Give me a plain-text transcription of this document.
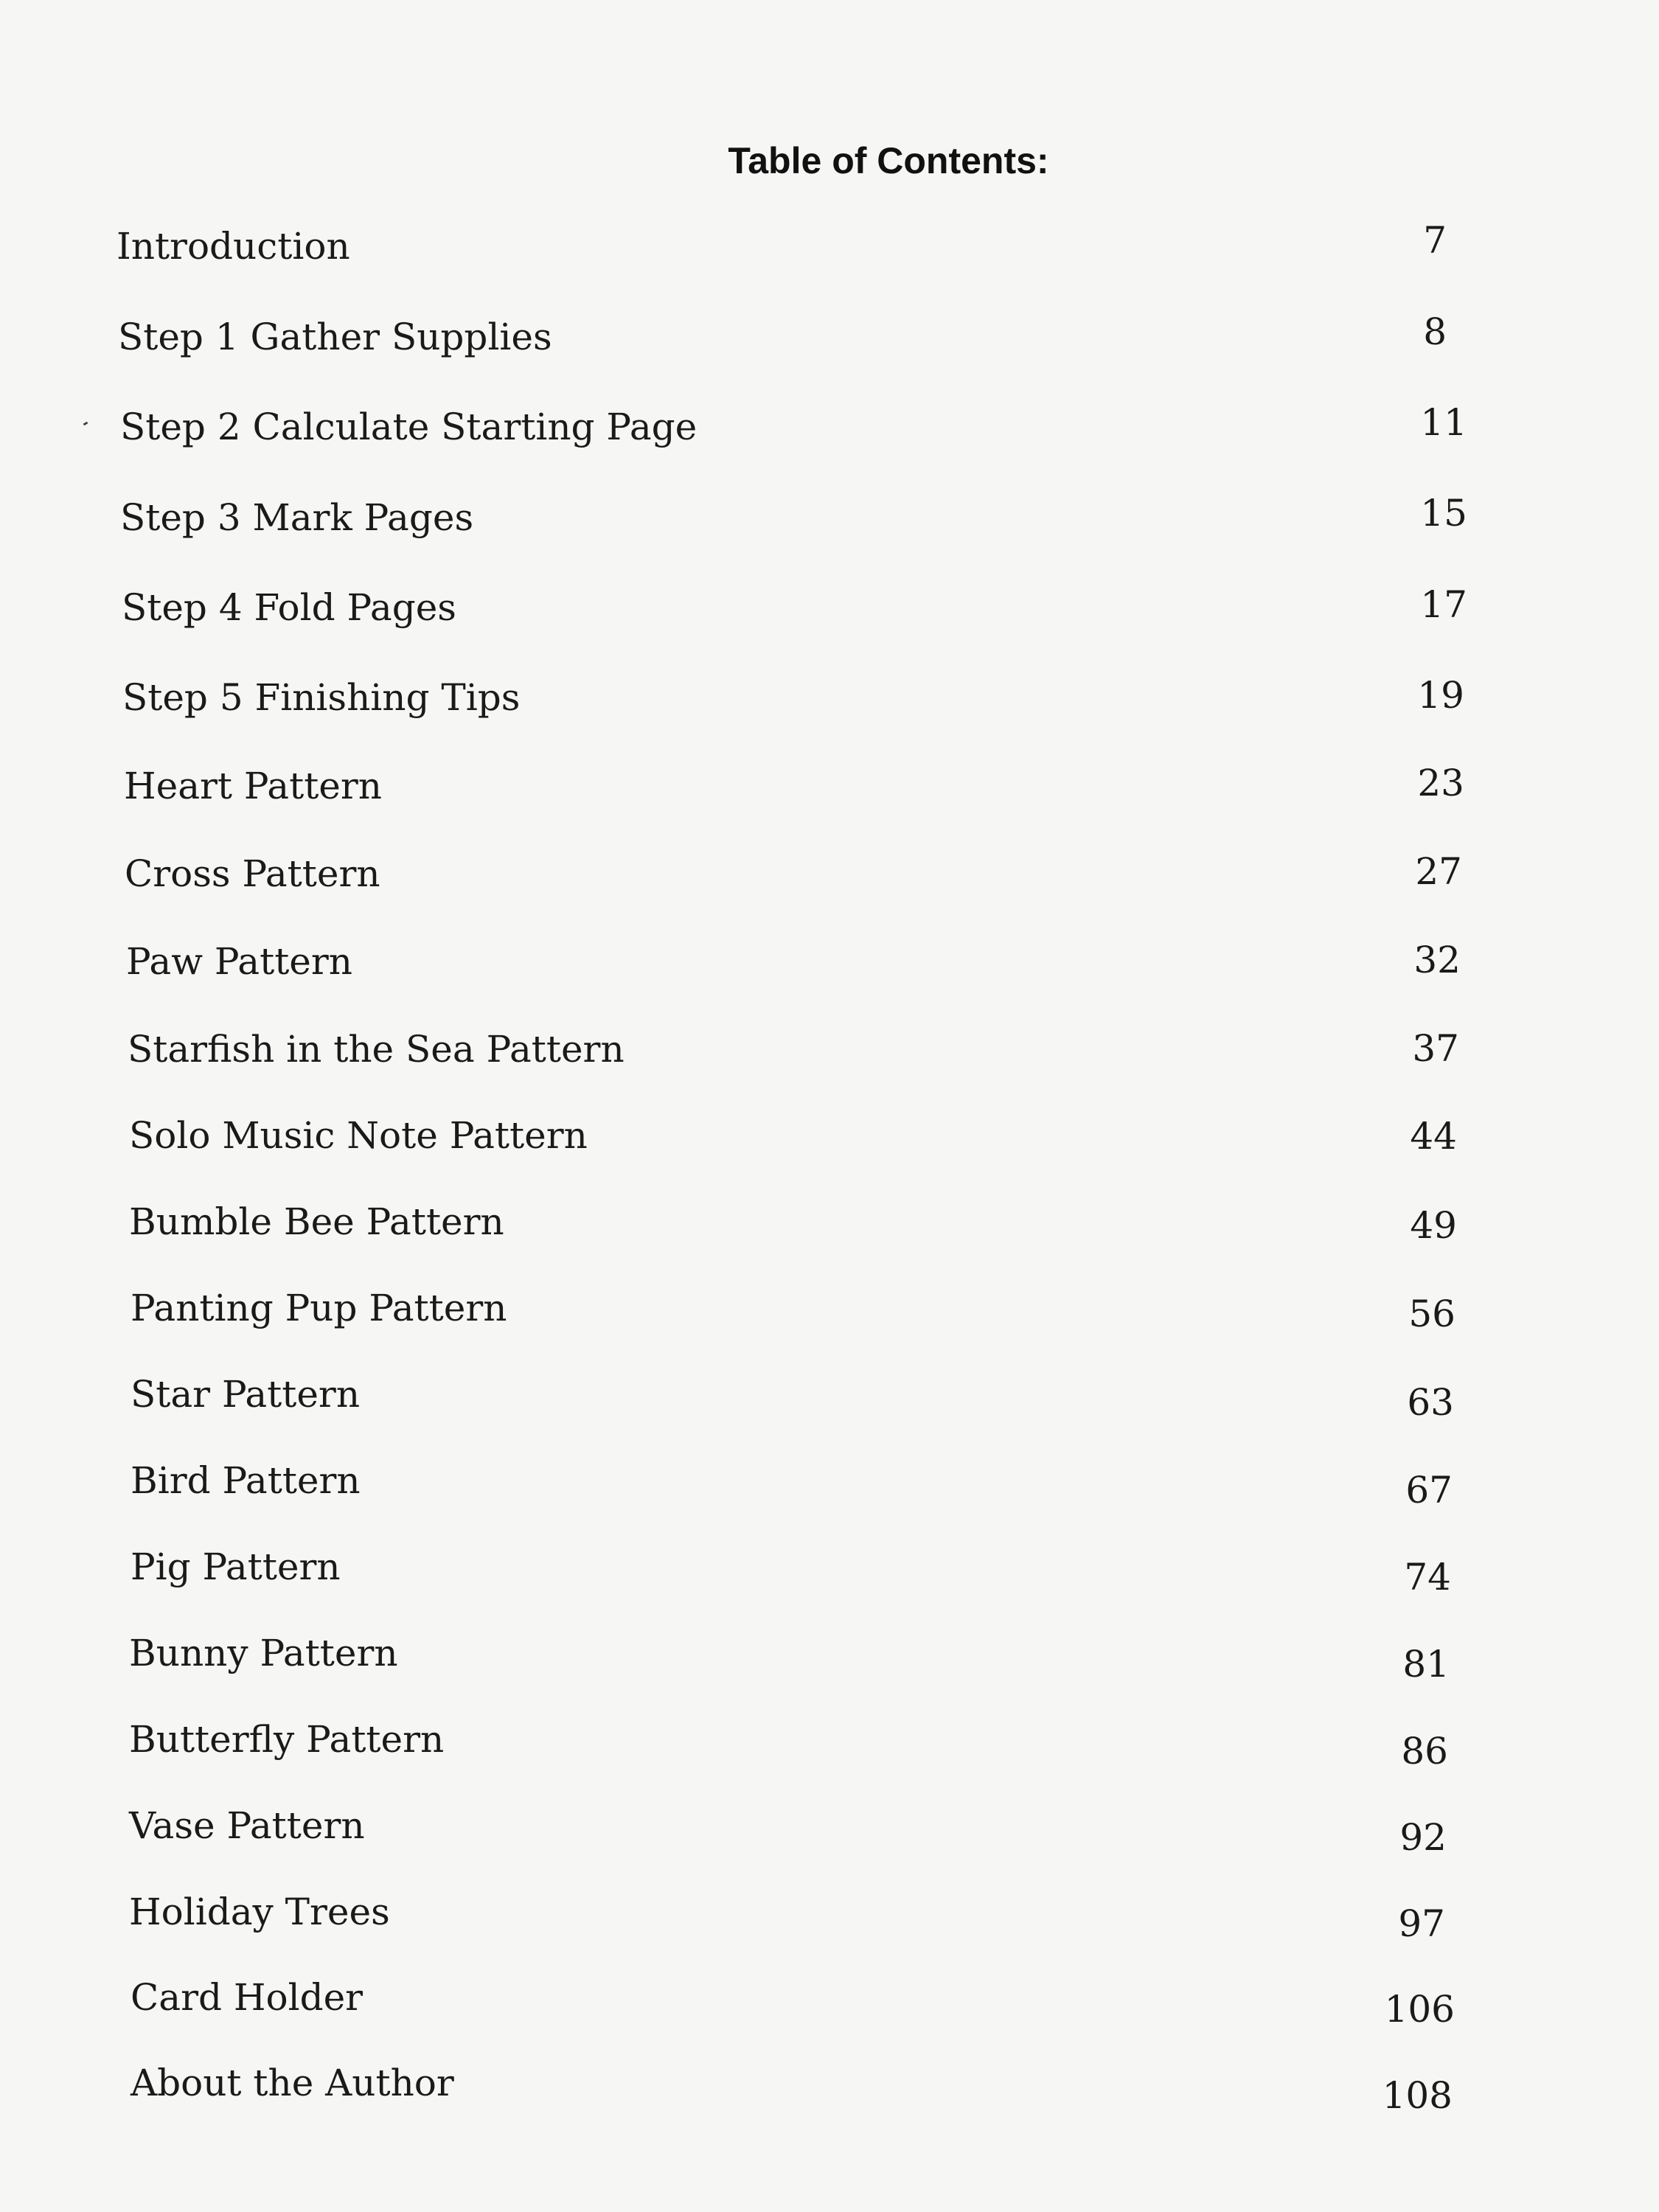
Table of Contents:
Introduction	7
Step 1 Gather Supplies	8
Step 2 Calculate Starting Page	11
Step 3 Mark Pages	15
Step 4 Fold Pages	17
Step 5 Finishing Tips	19
Heart Pattern	23
Cross Pattern	27
Paw Pattern	32
Starfish in the Sea Pattern	37
Solo Music Note Pattern	44
Bumble Bee Pattern	49
Panting Pup Pattern	56
Star Pattern	63
Bird Pattern	67
Pig Pattern	74
Bunny Pattern	81
Butterfly Pattern	86
Vase Pattern	92
Holiday Trees	97
Card Holder	106
About the Author	108
